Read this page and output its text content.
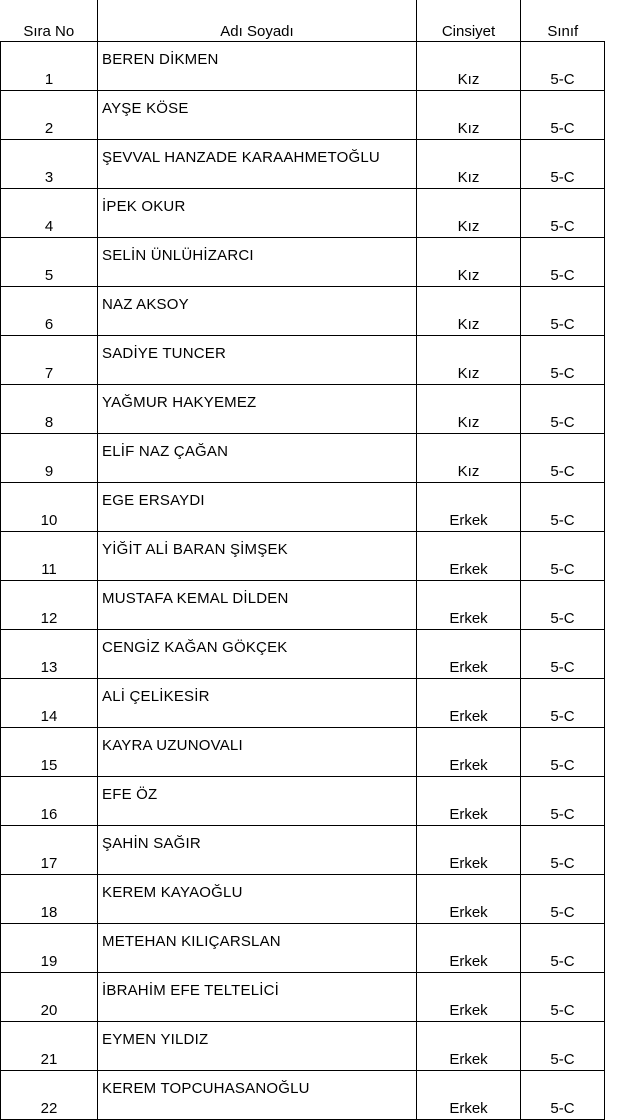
Sıra No	Adı Soyadı	Cinsiyet	Sınıf
1	BEREN DİKMEN	Kız	5-C
2	AYŞE KÖSE	Kız	5-C
3	ŞEVVAL HANZADE KARAAHMETOĞLU	Kız	5-C
4	İPEK OKUR	Kız	5-C
5	SELİN ÜNLÜHİZARCI	Kız	5-C
6	NAZ AKSOY	Kız	5-C
7	SADİYE TUNCER	Kız	5-C
8	YAĞMUR HAKYEMEZ	Kız	5-C
9	ELİF NAZ ÇAĞAN	Kız	5-C
10	EGE ERSAYDI	Erkek	5-C
11	YİĞİT ALİ BARAN ŞİMŞEK	Erkek	5-C
12	MUSTAFA KEMAL DİLDEN	Erkek	5-C
13	CENGİZ KAĞAN GÖKÇEK	Erkek	5-C
14	ALİ ÇELİKESİR	Erkek	5-C
15	KAYRA UZUNOVALI	Erkek	5-C
16	EFE ÖZ	Erkek	5-C
17	ŞAHİN SAĞIR	Erkek	5-C
18	KEREM KAYAOĞLU	Erkek	5-C
19	METEHAN KILIÇARSLAN	Erkek	5-C
20	İBRAHİM EFE TELTELİCİ	Erkek	5-C
21	EYMEN YILDIZ	Erkek	5-C
22	KEREM TOPCUHASANOĞLU	Erkek	5-C
